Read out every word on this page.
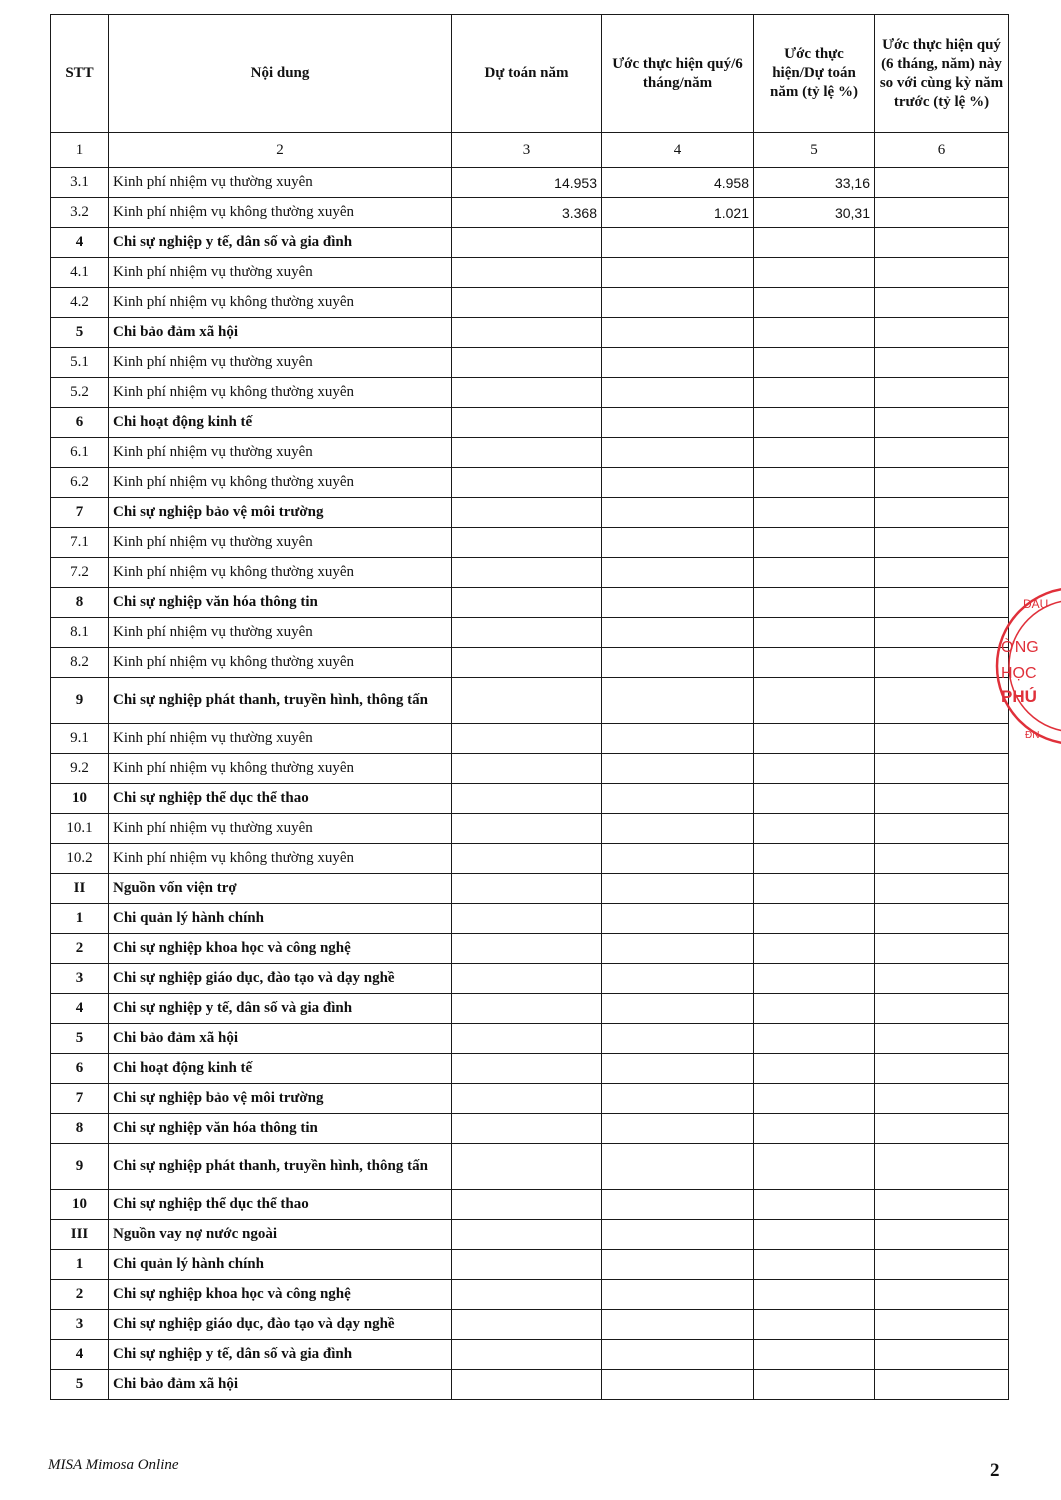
STT	Nội dung	Dự toán năm	Ước thực hiện quý/6 tháng/năm	Ước thực hiện/Dự toán năm (tỷ lệ %)	Ước thực hiện quý (6 tháng, năm) này so với cùng kỳ năm trước (tỷ lệ %)
1	2	3	4	5	6
3.1	Kinh phí nhiệm vụ thường xuyên	14.953	4.958	33,16	
3.2	Kinh phí nhiệm vụ không thường xuyên	3.368	1.021	30,31	
4	Chi sự nghiệp y tế, dân số và gia đình				
4.1	Kinh phí nhiệm vụ thường xuyên				
4.2	Kinh phí nhiệm vụ không thường xuyên				
5	Chi bảo đảm xã hội				
5.1	Kinh phí nhiệm vụ thường xuyên				
5.2	Kinh phí nhiệm vụ không thường xuyên				
6	Chi hoạt động kinh tế				
6.1	Kinh phí nhiệm vụ thường xuyên				
6.2	Kinh phí nhiệm vụ không thường xuyên				
7	Chi sự nghiệp bảo vệ môi trường				
7.1	Kinh phí nhiệm vụ thường xuyên				
7.2	Kinh phí nhiệm vụ không thường xuyên				
8	Chi sự nghiệp văn hóa thông tin				
8.1	Kinh phí nhiệm vụ thường xuyên				
8.2	Kinh phí nhiệm vụ không thường xuyên				
9	Chi sự nghiệp phát thanh, truyền hình, thông tấn				
9.1	Kinh phí nhiệm vụ thường xuyên				
9.2	Kinh phí nhiệm vụ không thường xuyên				
10	Chi sự nghiệp thể dục thể thao				
10.1	Kinh phí nhiệm vụ thường xuyên				
10.2	Kinh phí nhiệm vụ không thường xuyên				
II	Nguồn vốn viện trợ				
1	Chi quản lý hành chính				
2	Chi sự nghiệp khoa học và công nghệ				
3	Chi sự nghiệp giáo dục, đào tạo và dạy nghề				
4	Chi sự nghiệp y tế, dân số và gia đình				
5	Chi bảo đảm xã hội				
6	Chi hoạt động kinh tế				
7	Chi sự nghiệp bảo vệ môi trường				
8	Chi sự nghiệp văn hóa thông tin				
9	Chi sự nghiệp phát thanh, truyền hình, thông tấn				
10	Chi sự nghiệp thể dục thể thao				
III	Nguồn vay nợ nước ngoài				
1	Chi quản lý hành chính				
2	Chi sự nghiệp khoa học và công nghệ				
3	Chi sự nghiệp giáo dục, đào tạo và dạy nghề				
4	Chi sự nghiệp y tế, dân số và gia đình				
5	Chi bảo đảm xã hội				
DẤU
ỜNG
HỌC
PHÚ
ĐN
MISA Mimosa Online	2
